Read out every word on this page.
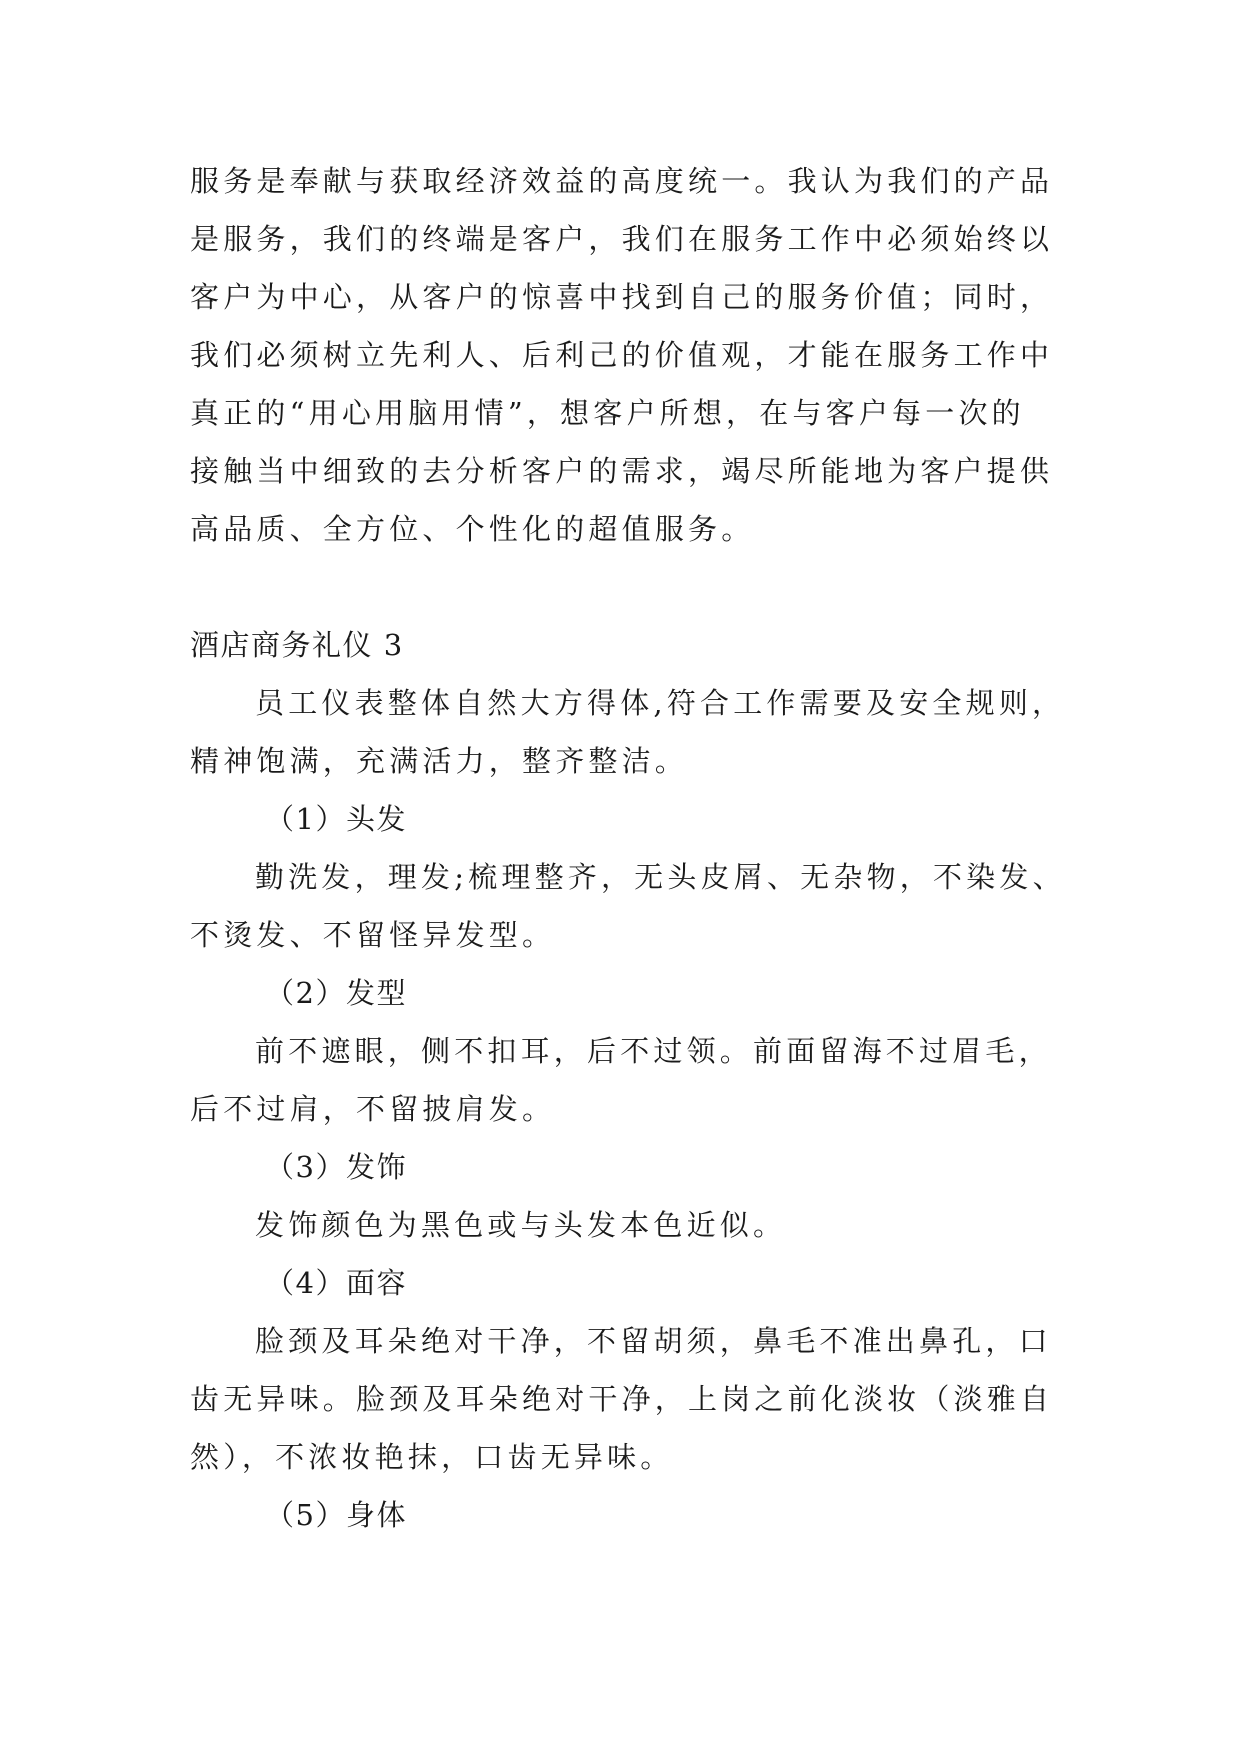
服务是奉献与获取经济效益的高度统一。我认为我们的产品
是服务，我们的终端是客户，我们在服务工作中必须始终以
客户为中心，从客户的惊喜中找到自己的服务价值；同时，
我们必须树立先利人、后利己的价值观，才能在服务工作中
真正的“用心用脑用情”，想客户所想，在与客户每一次的
接触当中细致的去分析客户的需求，竭尽所能地为客户提供
高品质、全方位、个性化的超值服务。
酒店商务礼仪 3
员工仪表整体自然大方得体,符合工作需要及安全规则，
精神饱满，充满活力，整齐整洁。
（1）头发
勤洗发，理发;梳理整齐，无头皮屑、无杂物，不染发、
不烫发、不留怪异发型。
（2）发型
前不遮眼，侧不扣耳，后不过领。前面留海不过眉毛，
后不过肩，不留披肩发。
（3）发饰
发饰颜色为黑色或与头发本色近似。
（4）面容
脸颈及耳朵绝对干净，不留胡须，鼻毛不准出鼻孔，口
齿无异味。脸颈及耳朵绝对干净，上岗之前化淡妆（淡雅自
然），不浓妆艳抹，口齿无异味。
（5）身体
